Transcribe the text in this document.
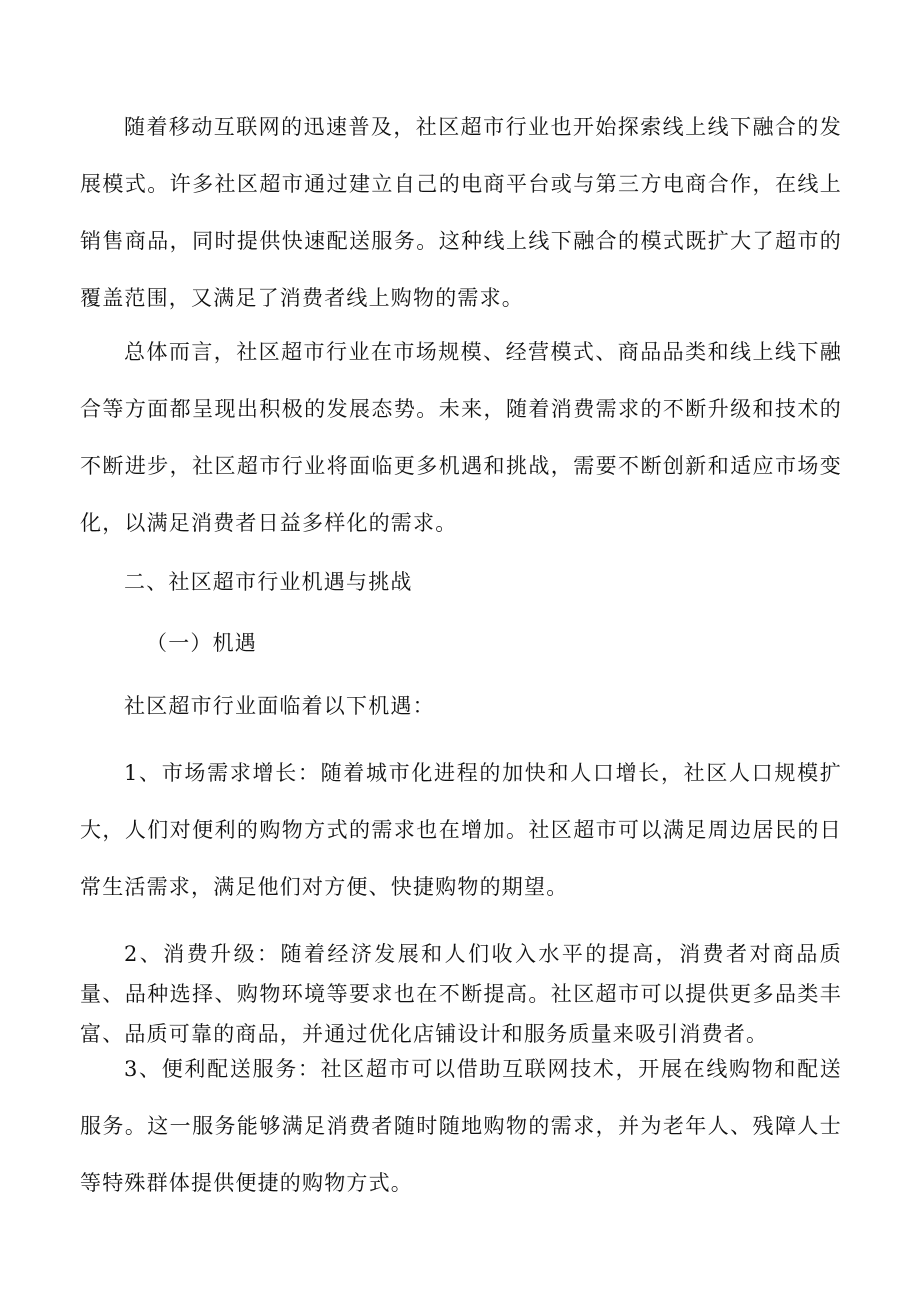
随着移动互联网的迅速普及，社区超市行业也开始探索线上线下融合的发展模式。许多社区超市通过建立自己的电商平台或与第三方电商合作，在线上销售商品，同时提供快速配送服务。这种线上线下融合的模式既扩大了超市的覆盖范围，又满足了消费者线上购物的需求。

总体而言，社区超市行业在市场规模、经营模式、商品品类和线上线下融合等方面都呈现出积极的发展态势。未来，随着消费需求的不断升级和技术的不断进步，社区超市行业将面临更多机遇和挑战，需要不断创新和适应市场变化，以满足消费者日益多样化的需求。

二、社区超市行业机遇与挑战
（一）机遇

社区超市行业面临着以下机遇：

1、市场需求增长：随着城市化进程的加快和人口增长，社区人口规模扩大，人们对便利的购物方式的需求也在增加。社区超市可以满足周边居民的日常生活需求，满足他们对方便、快捷购物的期望。

2、消费升级：随着经济发展和人们收入水平的提高，消费者对商品质量、品种选择、购物环境等要求也在不断提高。社区超市可以提供更多品类丰富、品质可靠的商品，并通过优化店铺设计和服务质量来吸引消费者。

3、便利配送服务：社区超市可以借助互联网技术，开展在线购物和配送服务。这一服务能够满足消费者随时随地购物的需求，并为老年人、残障人士等特殊群体提供便捷的购物方式。
